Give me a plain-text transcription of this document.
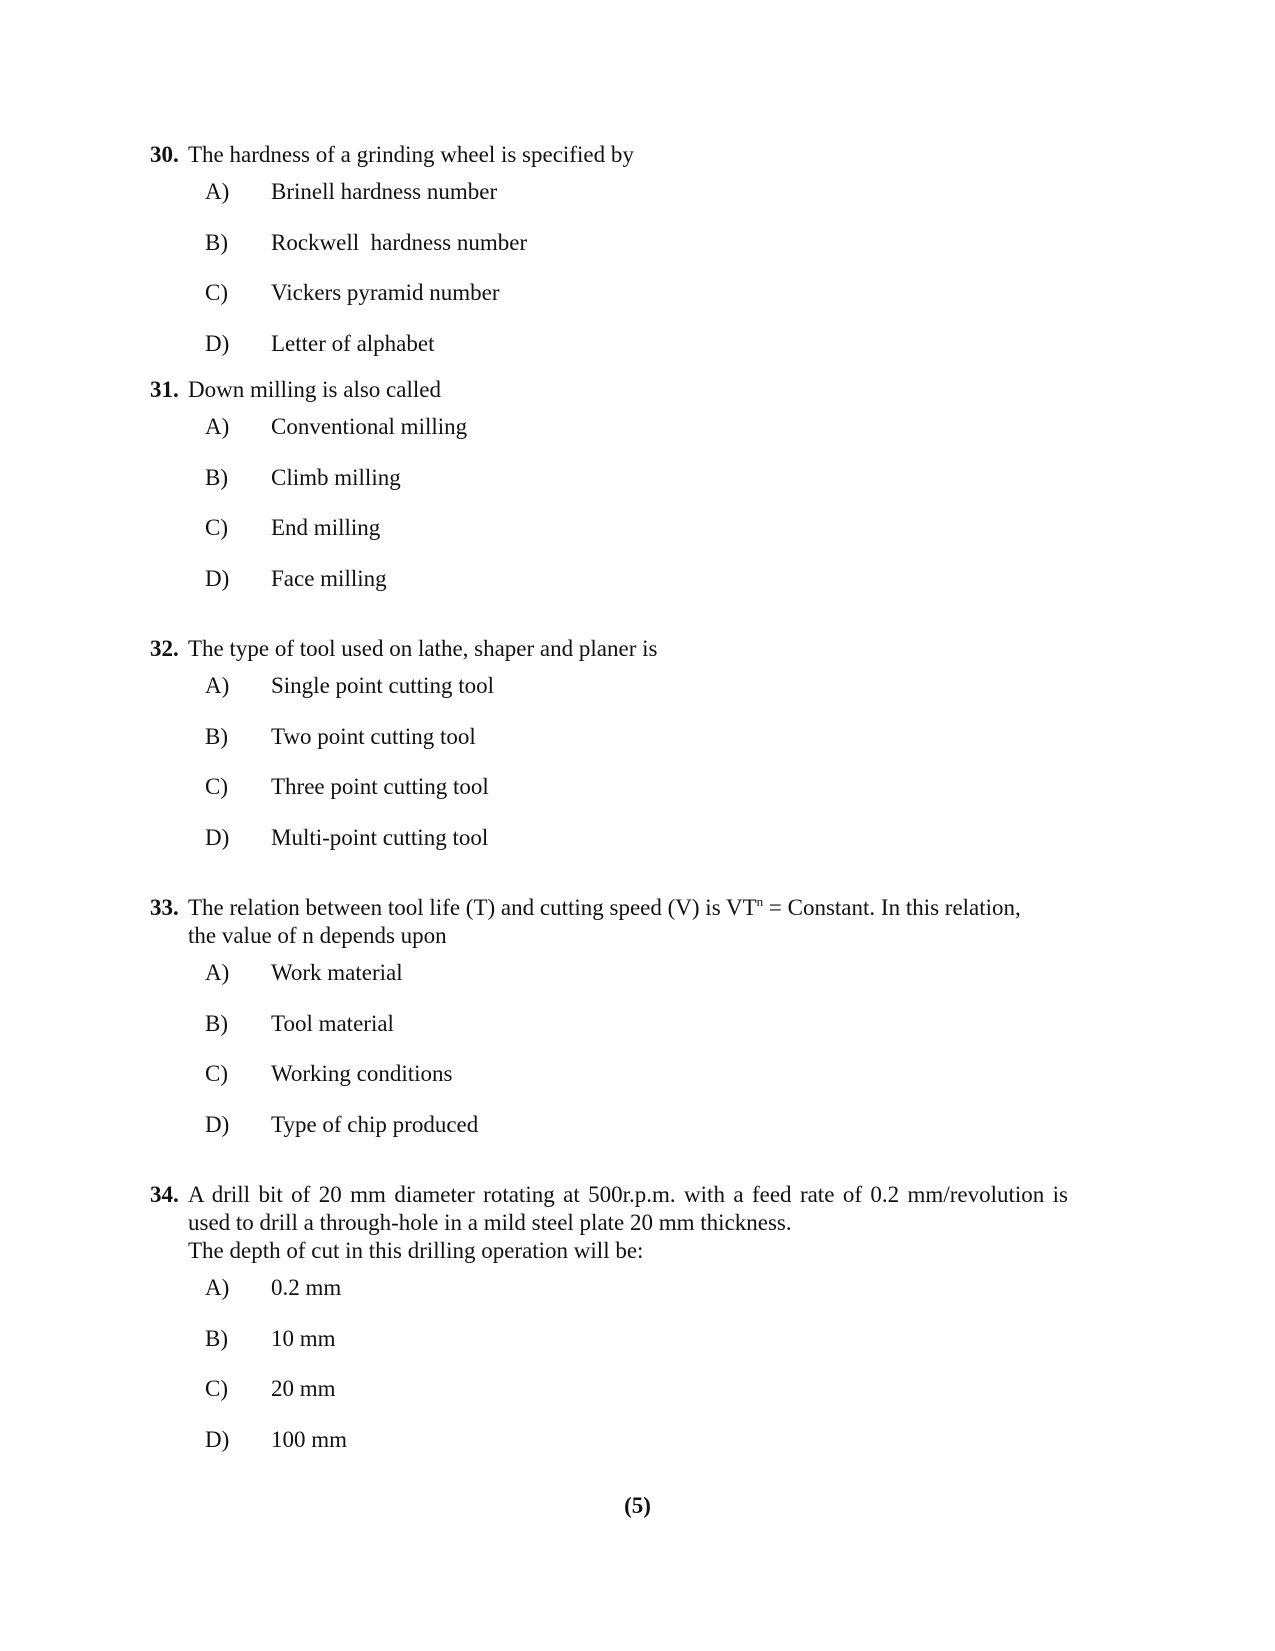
30. The hardness of a grinding wheel is specified by
A) Brinell hardness number
B) Rockwell  hardness number
C) Vickers pyramid number
D) Letter of alphabet
31. Down milling is also called
A) Conventional milling
B) Climb milling
C) End milling
D) Face milling
32. The type of tool used on lathe, shaper and planer is
A) Single point cutting tool
B) Two point cutting tool
C) Three point cutting tool
D) Multi-point cutting tool
33. The relation between tool life (T) and cutting speed (V) is $VT^n$ = Constant. In this relation, the value of n depends upon
A) Work material
B) Tool material
C) Working conditions
D) Type of chip produced
34. A drill bit of 20 mm diameter rotating at 500r.p.m. with a feed rate of 0.2 mm/revolution is used to drill a through-hole in a mild steel plate 20 mm thickness.
The depth of cut in this drilling operation will be:
A) 0.2 mm
B) 10 mm
C) 20 mm
D) 100 mm
(5)
